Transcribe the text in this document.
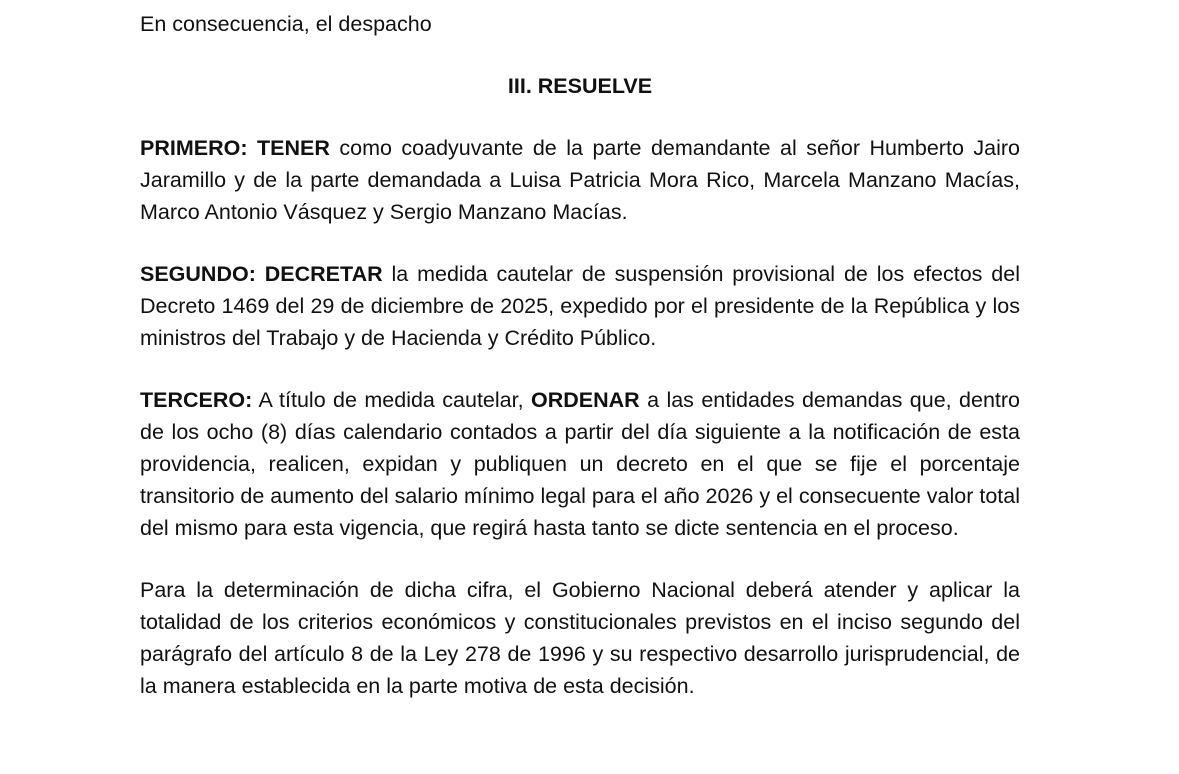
En consecuencia, el despacho

III. RESUELVE

PRIMERO: TENER como coadyuvante de la parte demandante al señor Humberto Jairo Jaramillo y de la parte demandada a Luisa Patricia Mora Rico, Marcela Manzano Macías, Marco Antonio Vásquez y Sergio Manzano Macías.

SEGUNDO: DECRETAR la medida cautelar de suspensión provisional de los efectos del Decreto 1469 del 29 de diciembre de 2025, expedido por el presidente de la República y los ministros del Trabajo y de Hacienda y Crédito Público.

TERCERO: A título de medida cautelar, ORDENAR a las entidades demandas que, dentro de los ocho (8) días calendario contados a partir del día siguiente a la notificación de esta providencia, realicen, expidan y publiquen un decreto en el que se fije el porcentaje transitorio de aumento del salario mínimo legal para el año 2026 y el consecuente valor total del mismo para esta vigencia, que regirá hasta tanto se dicte sentencia en el proceso.

Para la determinación de dicha cifra, el Gobierno Nacional deberá atender y aplicar la totalidad de los criterios económicos y constitucionales previstos en el inciso segundo del parágrafo del artículo 8 de la Ley 278 de 1996 y su respectivo desarrollo jurisprudencial, de la manera establecida en la parte motiva de esta decisión.
